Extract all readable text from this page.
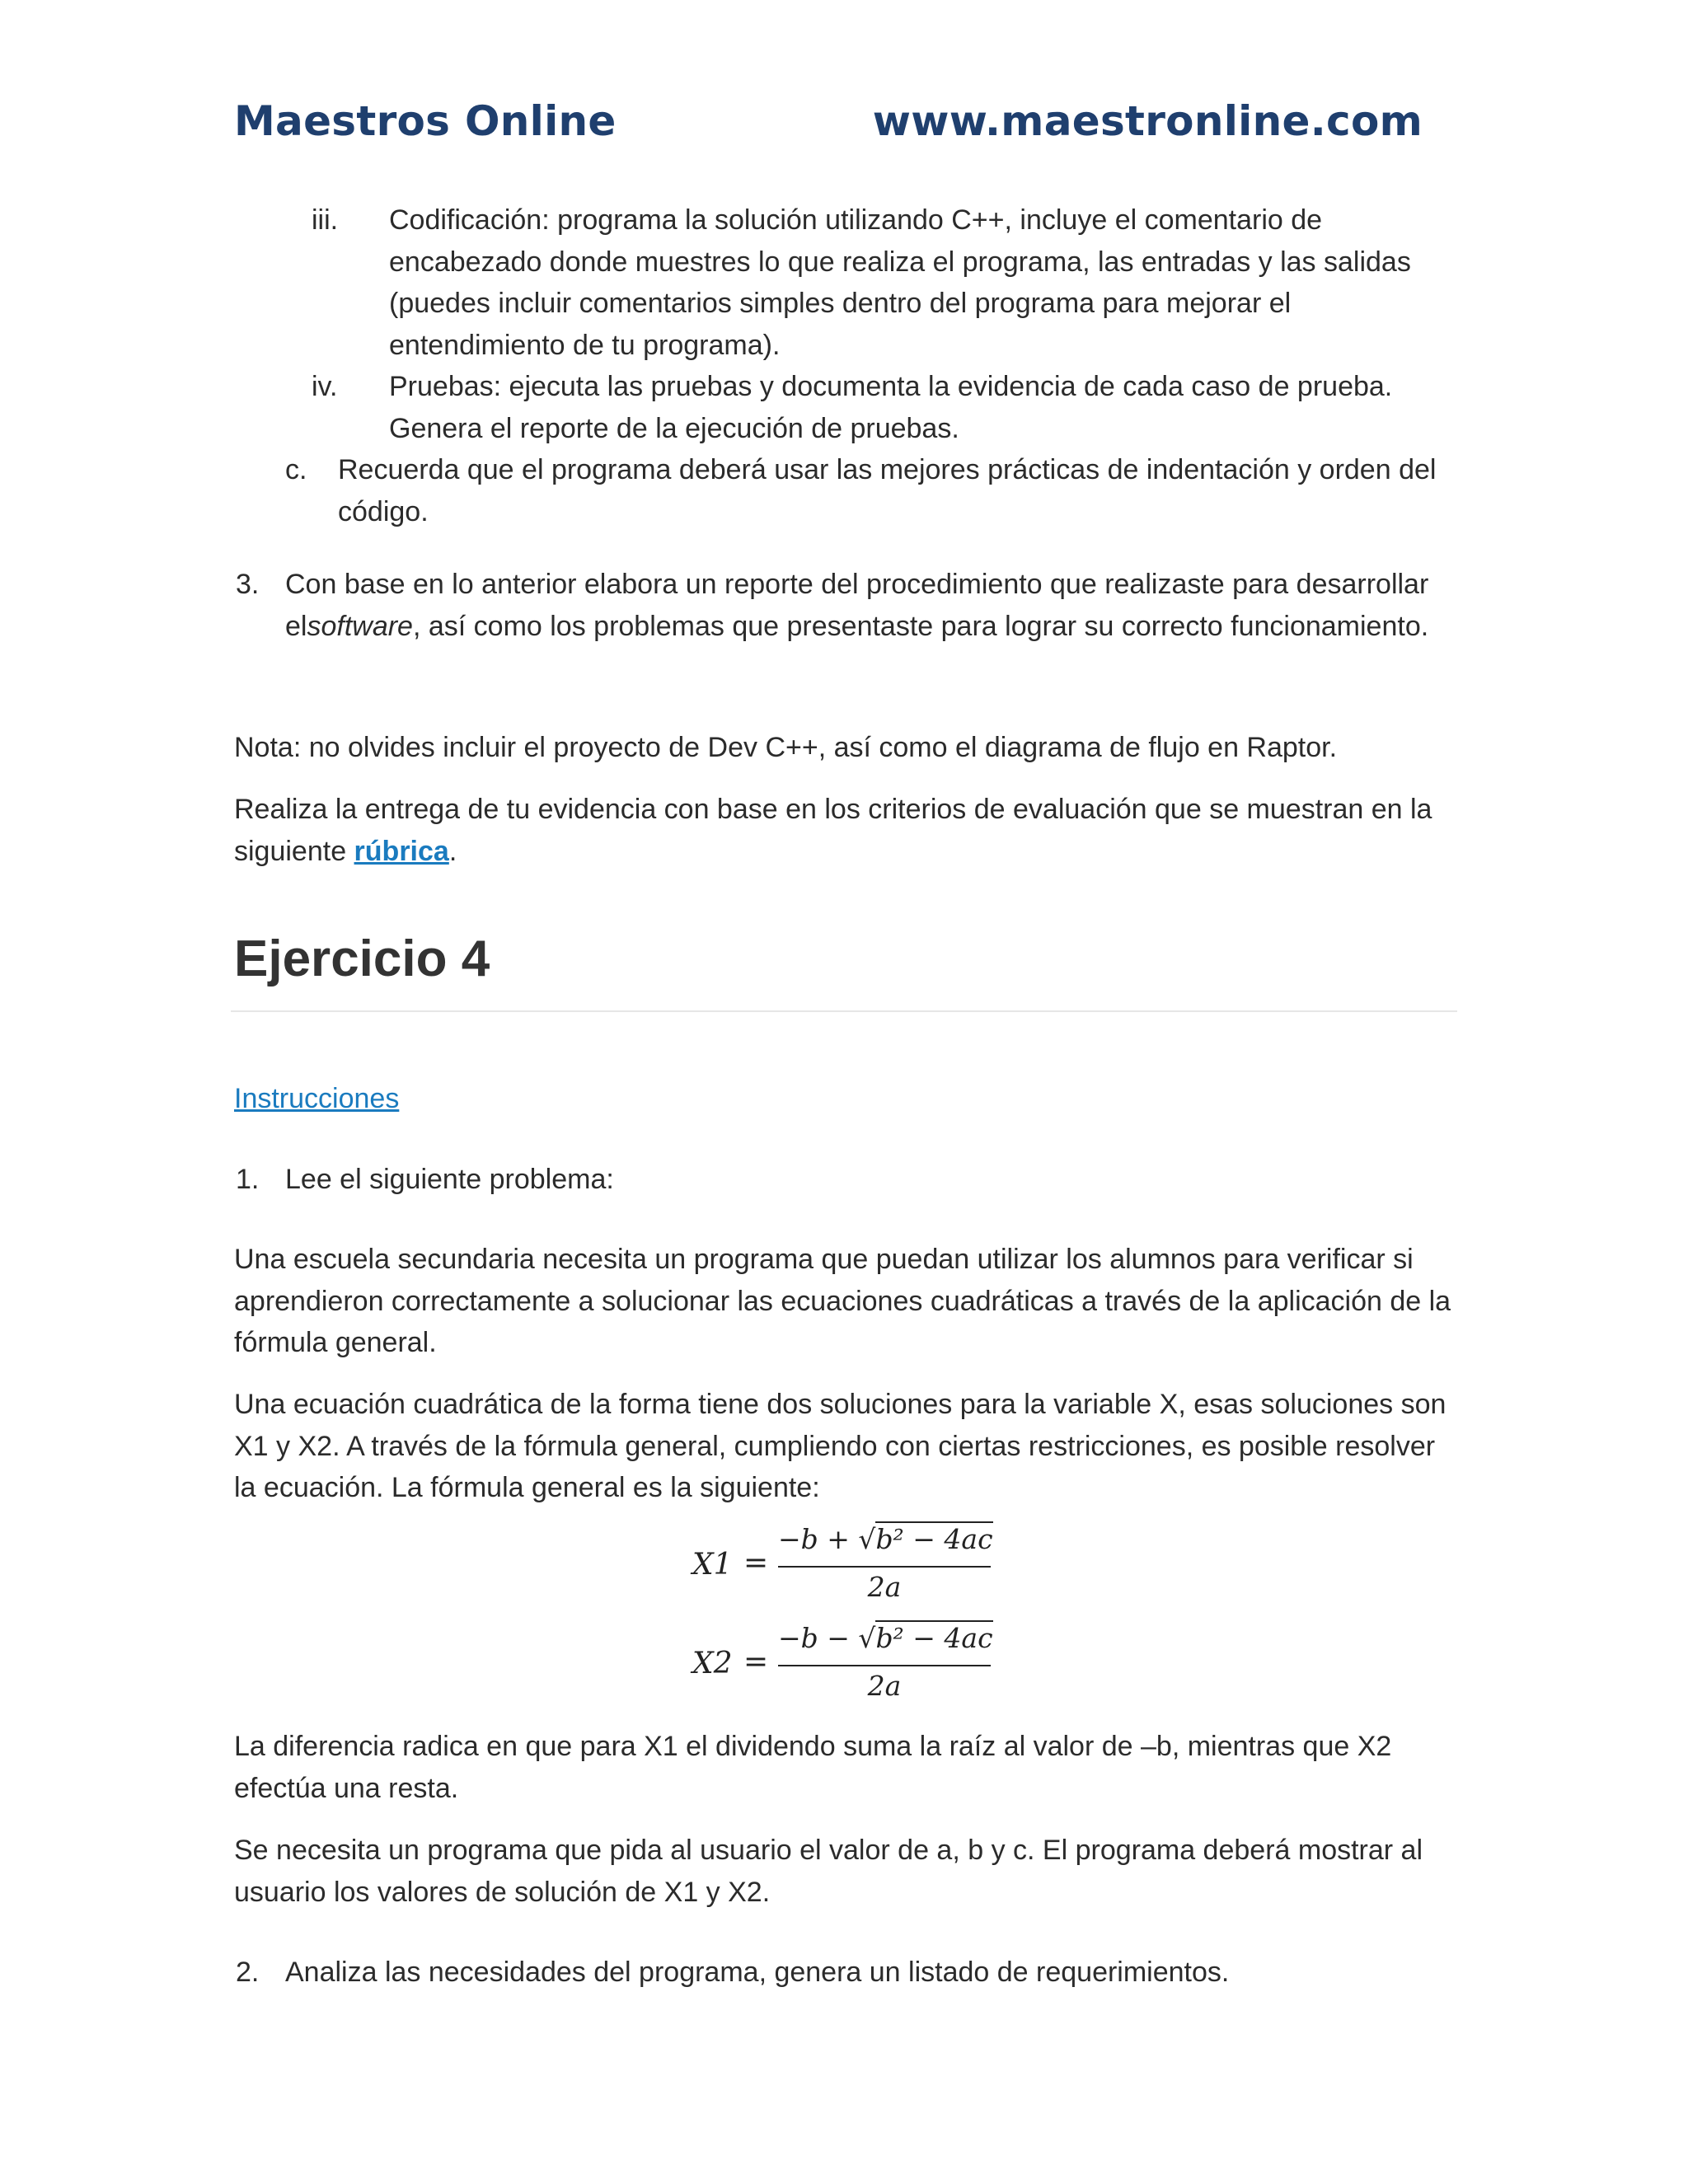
Maestros Online	www.maestronline.com
iii.	Codificación: programa la solución utilizando C++, incluye el comentario de encabezado donde muestres lo que realiza el programa, las entradas y las salidas (puedes incluir comentarios simples dentro del programa para mejorar el entendimiento de tu programa).
iv.	Pruebas: ejecuta las pruebas y documenta la evidencia de cada caso de prueba. Genera el reporte de la ejecución de pruebas.
c. Recuerda que el programa deberá usar las mejores prácticas de indentación y orden del código.
3. Con base en lo anterior elabora un reporte del procedimiento que realizaste para desarrollar elsoftware, así como los problemas que presentaste para lograr su correcto funcionamiento.
Nota: no olvides incluir el proyecto de Dev C++, así como el diagrama de flujo en Raptor.
Realiza la entrega de tu evidencia con base en los criterios de evaluación que se muestran en la siguiente rúbrica.
Ejercicio 4
Instrucciones
1. Lee el siguiente problema:
Una escuela secundaria necesita un programa que puedan utilizar los alumnos para verificar si aprendieron correctamente a solucionar las ecuaciones cuadráticas a través de la aplicación de la fórmula general.
Una ecuación cuadrática de la forma tiene dos soluciones para la variable X, esas soluciones son X1 y X2. A través de la fórmula general, cumpliendo con ciertas restricciones, es posible resolver la ecuación. La fórmula general es la siguiente:
X1 =
−b + √b² − 4ac
2a
X2 =
−b − √b² − 4ac
2a
La diferencia radica en que para X1 el dividendo suma la raíz al valor de –b, mientras que X2 efectúa una resta.
Se necesita un programa que pida al usuario el valor de a, b y c. El programa deberá mostrar al usuario los valores de solución de X1 y X2.
2. Analiza las necesidades del programa, genera un listado de requerimientos.
